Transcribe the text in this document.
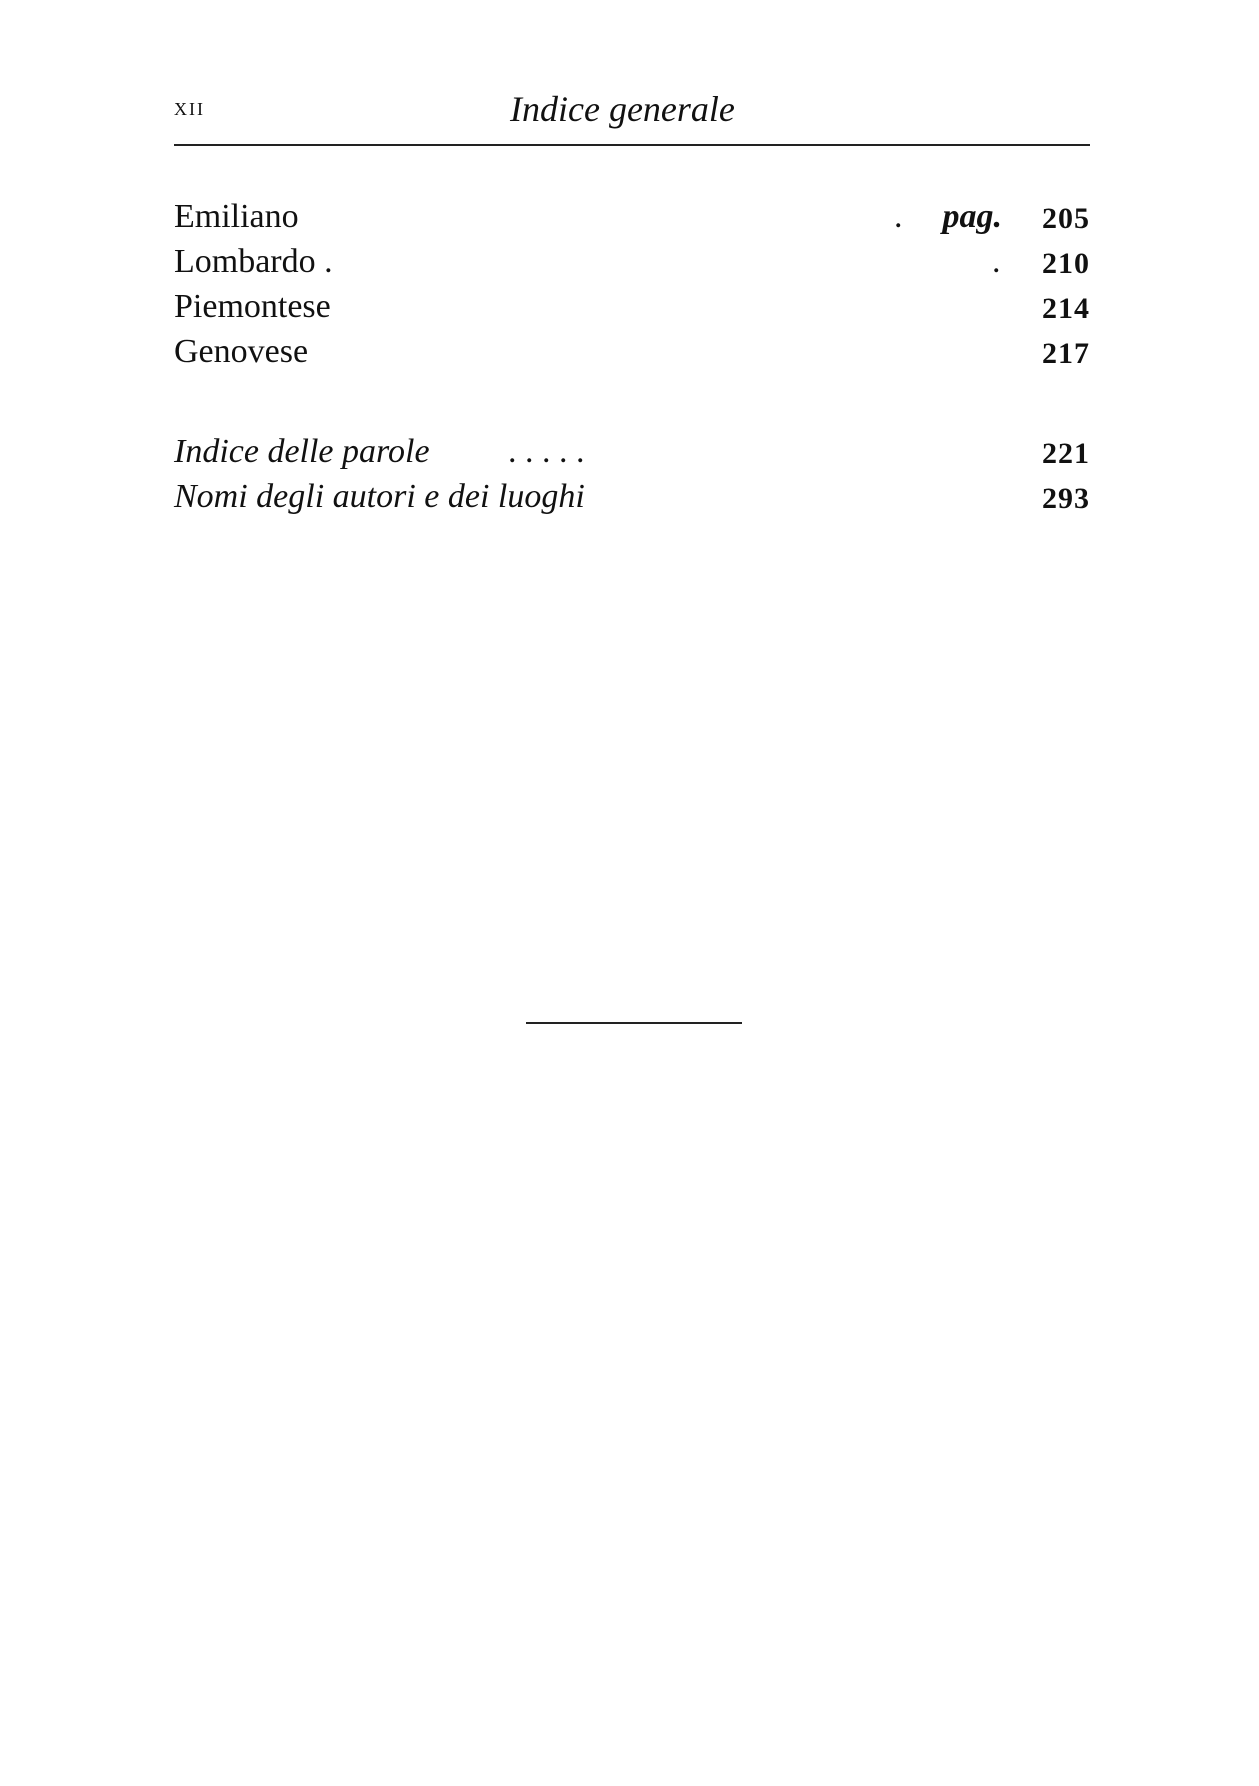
xii	Indice generale
Emiliano	. pag. 205
Lombardo .	. 210
Piemontese	214
Genovese	217
Indice delle parole . . . . .	221
Nomi degli autori e dei luoghi	293
